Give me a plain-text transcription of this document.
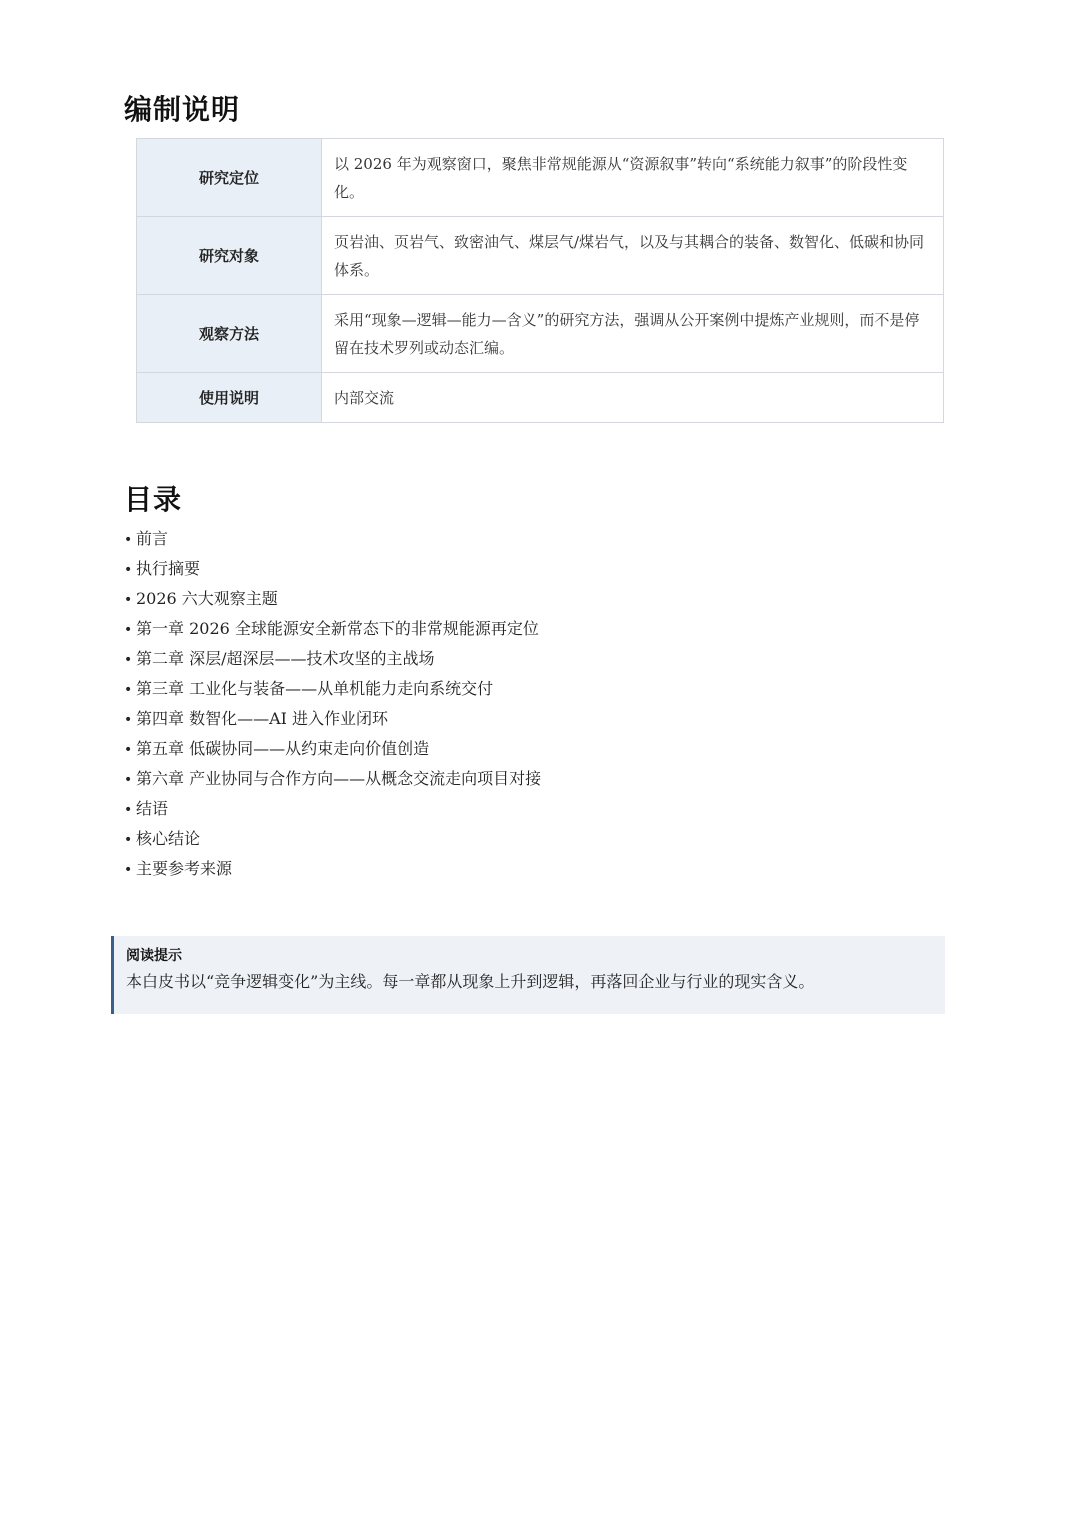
编制说明
研究定位	以 2026 年为观察窗口，聚焦非常规能源从“资源叙事”转向“系统能力叙事”的阶段性变化。
研究对象	页岩油、页岩气、致密油气、煤层气/煤岩气，以及与其耦合的装备、数智化、低碳和协同体系。
观察方法	采用“现象—逻辑—能力—含义”的研究方法，强调从公开案例中提炼产业规则，而不是停留在技术罗列或动态汇编。
使用说明	内部交流
目录
• 前言
• 执行摘要
• 2026 六大观察主题
• 第一章 2026 全球能源安全新常态下的非常规能源再定位
• 第二章 深层/超深层——技术攻坚的主战场
• 第三章 工业化与装备——从单机能力走向系统交付
• 第四章 数智化——AI 进入作业闭环
• 第五章 低碳协同——从约束走向价值创造
• 第六章 产业协同与合作方向——从概念交流走向项目对接
• 结语
• 核心结论
• 主要参考来源
阅读提示
本白皮书以“竞争逻辑变化”为主线。每一章都从现象上升到逻辑，再落回企业与行业的现实含义。
